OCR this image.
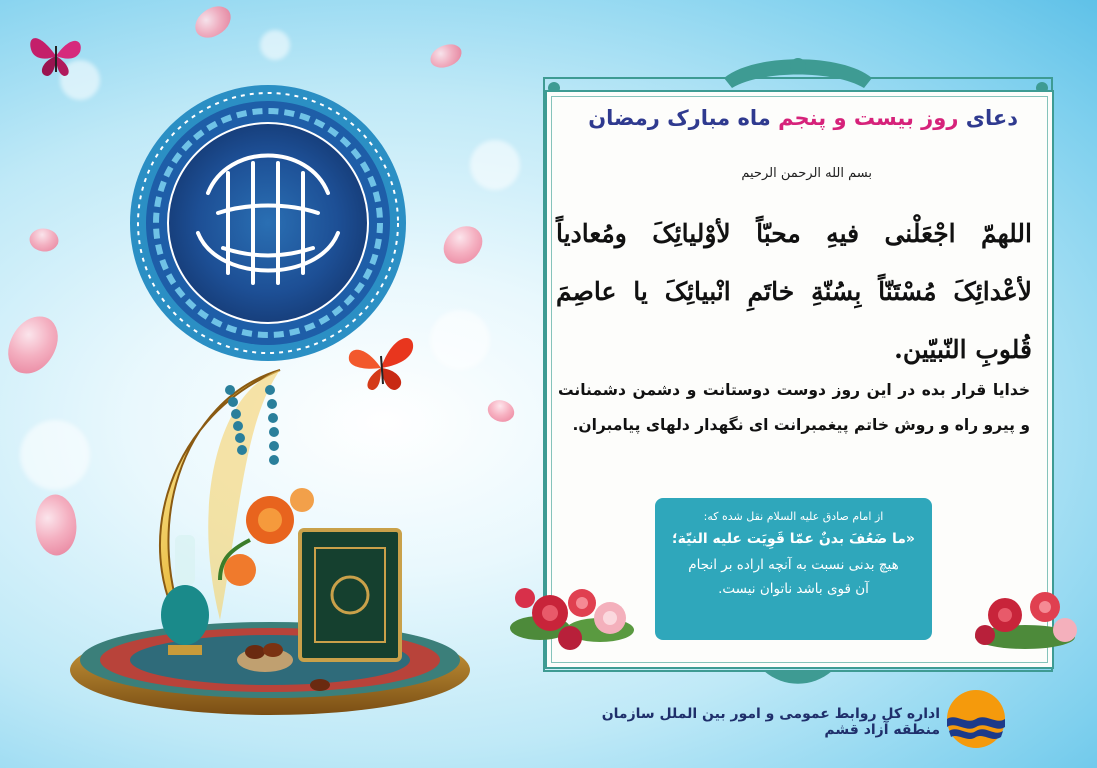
دعای روز بیست و پنجم ماه مبارک رمضان
بسم الله الرحمن الرحیم
اللهمّ اجْعَلْنی فیهِ محبّاً لأوْلیائِکَ ومُعادیاً لأعْدائِکَ مُسْتَنّاً بِسُنّةِ خاتَمِ انْبیائِکَ یا عاصِمَ قُلوبِ النّبیّین.
خدایا قرار بده در این روز دوست دوستانت و دشمن دشمنانت و پیرو راه و روش خاتم پیغمبرانت ای نگهدار دلهای پیامبران.
از امام صادق علیه السلام نقل شده که:
«ما ضَعُفَ بدنٌ عمّا قَوِیَت علیه النیّة؛
هیچ بدنی نسبت به آنچه اراده بر انجام
آن قوی باشد ناتوان نیست.
اداره کل روابط عمومی و امور بین الملل سازمان منطقه آزاد قشم
